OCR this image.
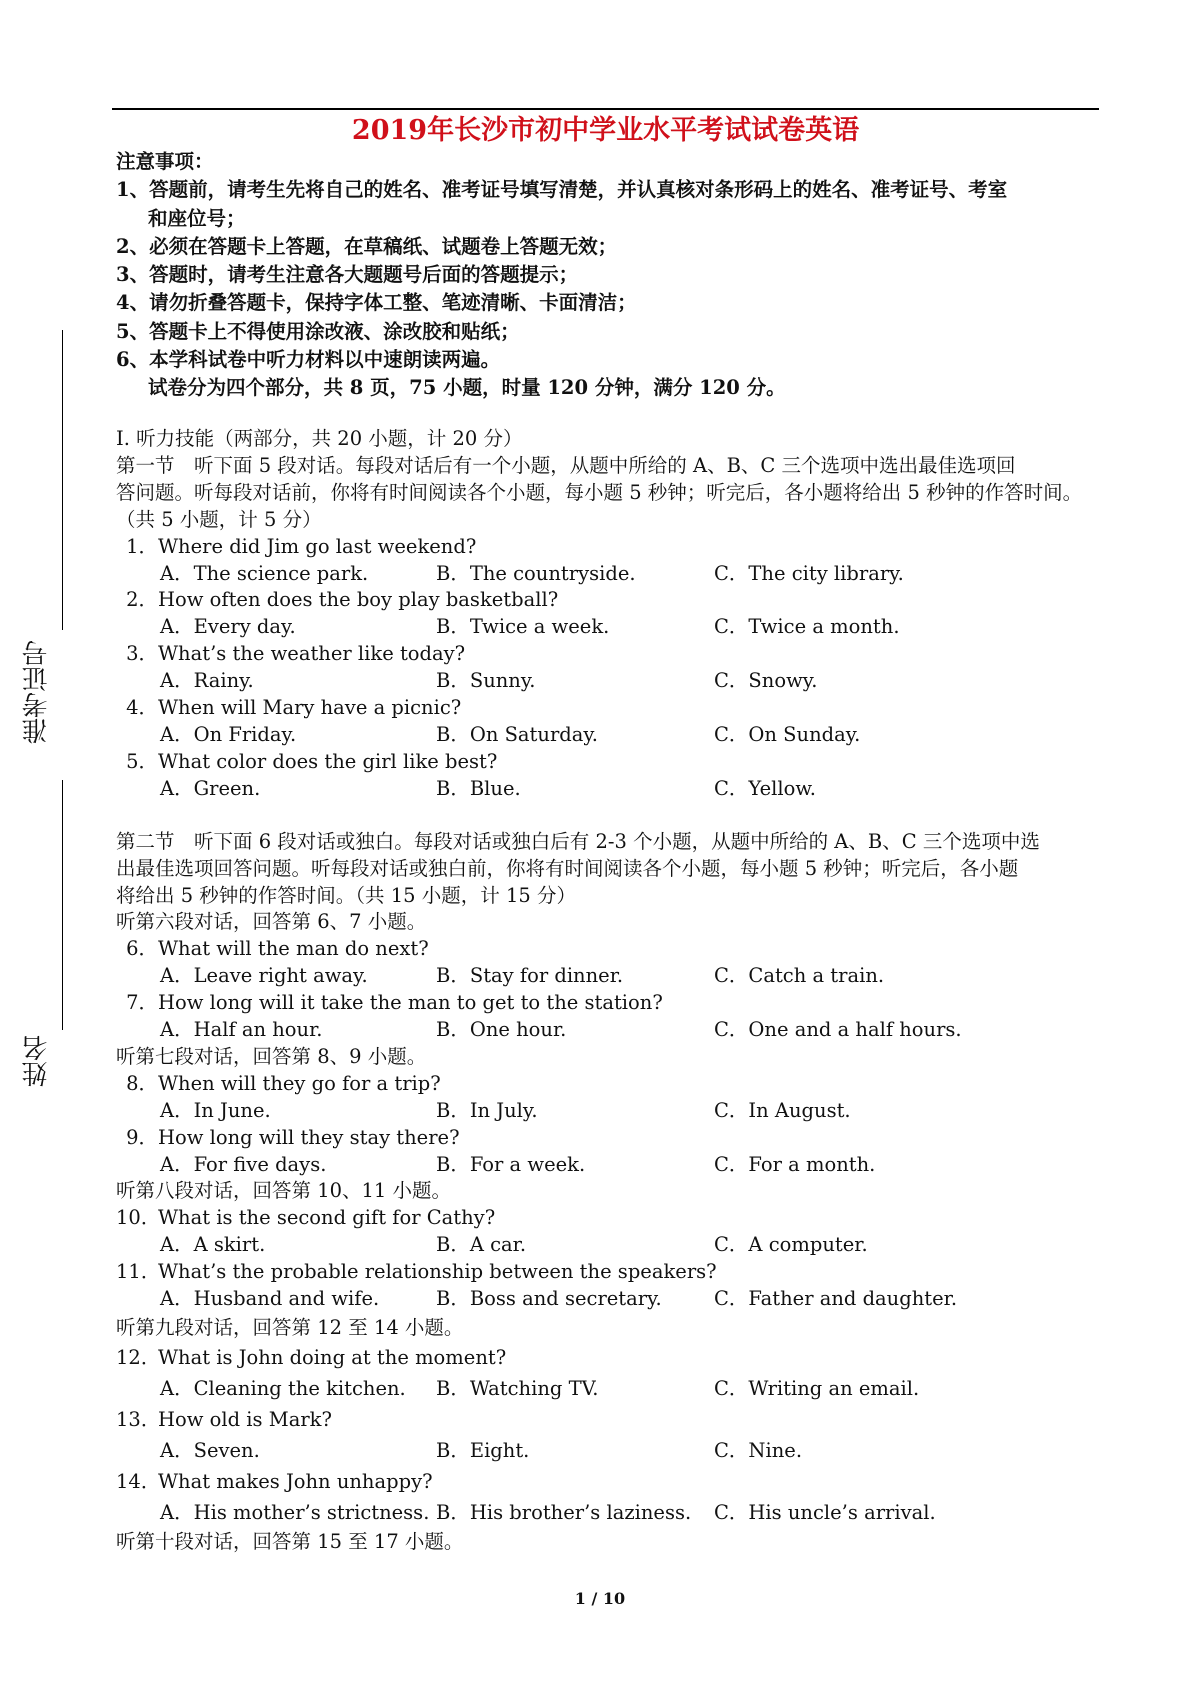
2019年长沙市初中学业水平考试试卷英语
准考证号
姓名
注意事项：
1、答题前，请考生先将自己的姓名、准考证号填写清楚，并认真核对条形码上的姓名、准考证号、考室
和座位号；
2、必须在答题卡上答题，在草稿纸、试题卷上答题无效；
3、答题时，请考生注意各大题题号后面的答题提示；
4、请勿折叠答题卡，保持字体工整、笔迹清晰、卡面清洁；
5、答题卡上不得使用涂改液、涂改胶和贴纸；
6、本学科试卷中听力材料以中速朗读两遍。
试卷分为四个部分，共 8 页，75 小题，时量 120 分钟，满分 120 分。
I. 听力技能（两部分，共 20 小题，计 20 分）
第一节　听下面 5 段对话。每段对话后有一个小题，从题中所给的 A、B、C 三个选项中选出最佳选项回
答问题。听每段对话前，你将有时间阅读各个小题，每小题 5 秒钟；听完后，各小题将给出 5 秒钟的作答时间。
（共 5 小题，计 5 分）
1．Where did Jim go last weekend?
A．The science park.	B．The countryside.	C．The city library.
2．How often does the boy play basketball?
A．Every day.	B．Twice a week.	C．Twice a month.
3．What’s the weather like today?
A．Rainy.	B．Sunny.	C．Snowy.
4．When will Mary have a picnic?
A．On Friday.	B．On Saturday.	C．On Sunday.
5．What color does the girl like best?
A．Green.	B．Blue.	C．Yellow.
第二节　听下面 6 段对话或独白。每段对话或独白后有 2-3 个小题，从题中所给的 A、B、C 三个选项中选
出最佳选项回答问题。听每段对话或独白前，你将有时间阅读各个小题，每小题 5 秒钟；听完后，各小题
将给出 5 秒钟的作答时间。（共 15 小题，计 15 分）
听第六段对话，回答第 6、7 小题。
6．What will the man do next?
A．Leave right away.	B．Stay for dinner.	C．Catch a train.
7．How long will it take the man to get to the station?
A．Half an hour.	B．One hour.	C．One and a half hours.
听第七段对话，回答第 8、9 小题。
8．When will they go for a trip?
A．In June.	B．In July.	C．In August.
9．How long will they stay there?
A．For five days.	B．For a week.	C．For a month.
听第八段对话，回答第 10、11 小题。
10．What is the second gift for Cathy?
A．A skirt.	B．A car.	C．A computer.
11．What’s the probable relationship between the speakers?
A．Husband and wife.	B．Boss and secretary.	C．Father and daughter.
听第九段对话，回答第 12 至 14 小题。
12．What is John doing at the moment?
A．Cleaning the kitchen.	B．Watching TV.	C．Writing an email.
13．How old is Mark?
A．Seven.	B．Eight.	C．Nine.
14．What makes John unhappy?
A．His mother’s strictness. B．His brother’s laziness.	C．His uncle’s arrival.
听第十段对话，回答第 15 至 17 小题。
1 / 10
